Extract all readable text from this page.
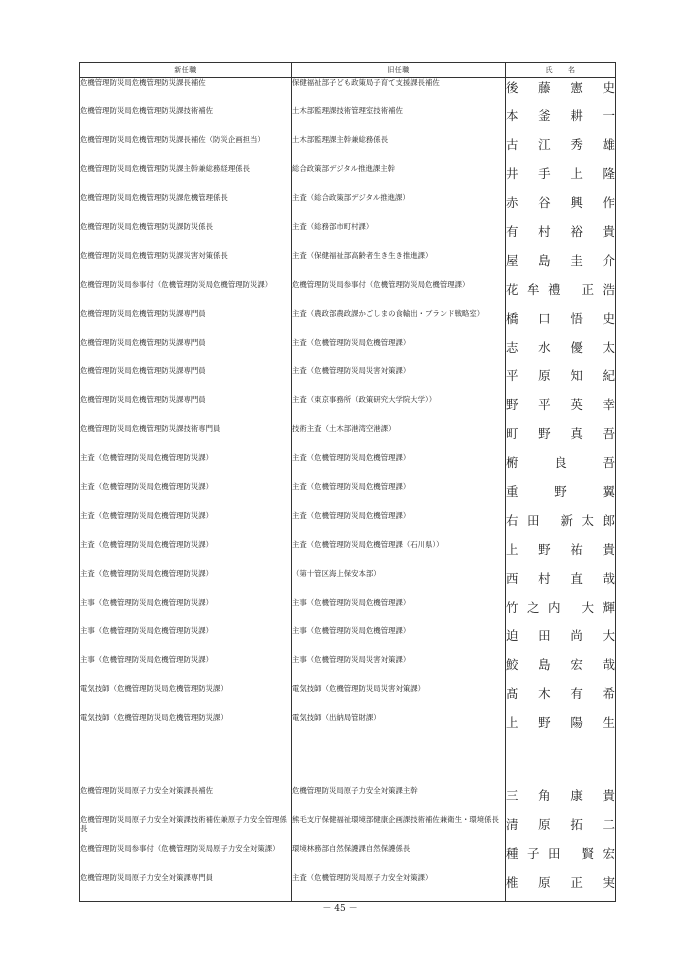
新任職	旧任職	氏　　名
危機管理防災局危機管理防災課長補佐	保健福祉部子ども政策局子育て支援課長補佐	後 藤 憲 史
危機管理防災局危機管理防災課技術補佐	土木部監理課技術管理室技術補佐	本 釜 耕 一
危機管理防災局危機管理防災課長補佐（防災企画担当）	土木部監理課主幹兼総務係長	古 江 秀 雄
危機管理防災局危機管理防災課主幹兼総務経理係長	総合政策部デジタル推進課主幹	井 手 上 隆
危機管理防災局危機管理防災課危機管理係長	主査（総合政策部デジタル推進課）	赤 谷 興 作
危機管理防災局危機管理防災課防災係長	主査（総務部市町村課）	有 村 裕 貴
危機管理防災局危機管理防災課災害対策係長	主査（保健福祉部高齢者生き生き推進課）	屋 島 圭 介
危機管理防災局参事付（危機管理防災局危機管理防災課）	危機管理防災局参事付（危機管理防災局危機管理課）	花牟禮 正浩
危機管理防災局危機管理防災課専門員	主査（農政部農政課かごしまの食輸出・ブランド戦略室）	橋 口 悟 史
危機管理防災局危機管理防災課専門員	主査（危機管理防災局危機管理課）	志 水 優 太
危機管理防災局危機管理防災課専門員	主査（危機管理防災局災害対策課）	平 原 知 紀
危機管理防災局危機管理防災課専門員	主査（東京事務所（政策研究大学院大学））	野 平 英 幸
危機管理防災局危機管理防災課技術専門員	技術主査（土木部港湾空港課）	町 野 真 吾
主査（危機管理防災局危機管理防災課）	主査（危機管理防災局危機管理課）	椨 良 吾
主査（危機管理防災局危機管理防災課）	主査（危機管理防災局危機管理課）	重 野 翼
主査（危機管理防災局危機管理防災課）	主査（危機管理防災局危機管理課）	右田 新太郎
主査（危機管理防災局危機管理防災課）	主査（危機管理防災局危機管理課（石川県））	上 野 祐 貴
主査（危機管理防災局危機管理防災課）	（第十管区海上保安本部）	西 村 直 哉
主事（危機管理防災局危機管理防災課）	主事（危機管理防災局危機管理課）	竹之内 大輝
主事（危機管理防災局危機管理防災課）	主事（危機管理防災局危機管理課）	迫 田 尚 大
主事（危機管理防災局危機管理防災課）	主事（危機管理防災局災害対策課）	鮫 島 宏 哉
電気技師（危機管理防災局危機管理防災課）	電気技師（危機管理防災局災害対策課）	髙 木 有 希
電気技師（危機管理防災局危機管理防災課）	電気技師（出納局管財課）	上 野 陽 生

危機管理防災局原子力安全対策課長補佐	危機管理防災局原子力安全対策課主幹	三 角 康 貴
危機管理防災局原子力安全対策課技術補佐兼原子力安全管理係長	熊毛支庁保健福祉環境部健康企画課技術補佐兼衛生・環境係長	清 原 拓 二
危機管理防災局参事付（危機管理防災局原子力安全対策課）	環境林務部自然保護課自然保護係長	種子田 賢宏
危機管理防災局原子力安全対策課専門員	主査（危機管理防災局原子力安全対策課）	椎 原 正 実
－ 45 －
